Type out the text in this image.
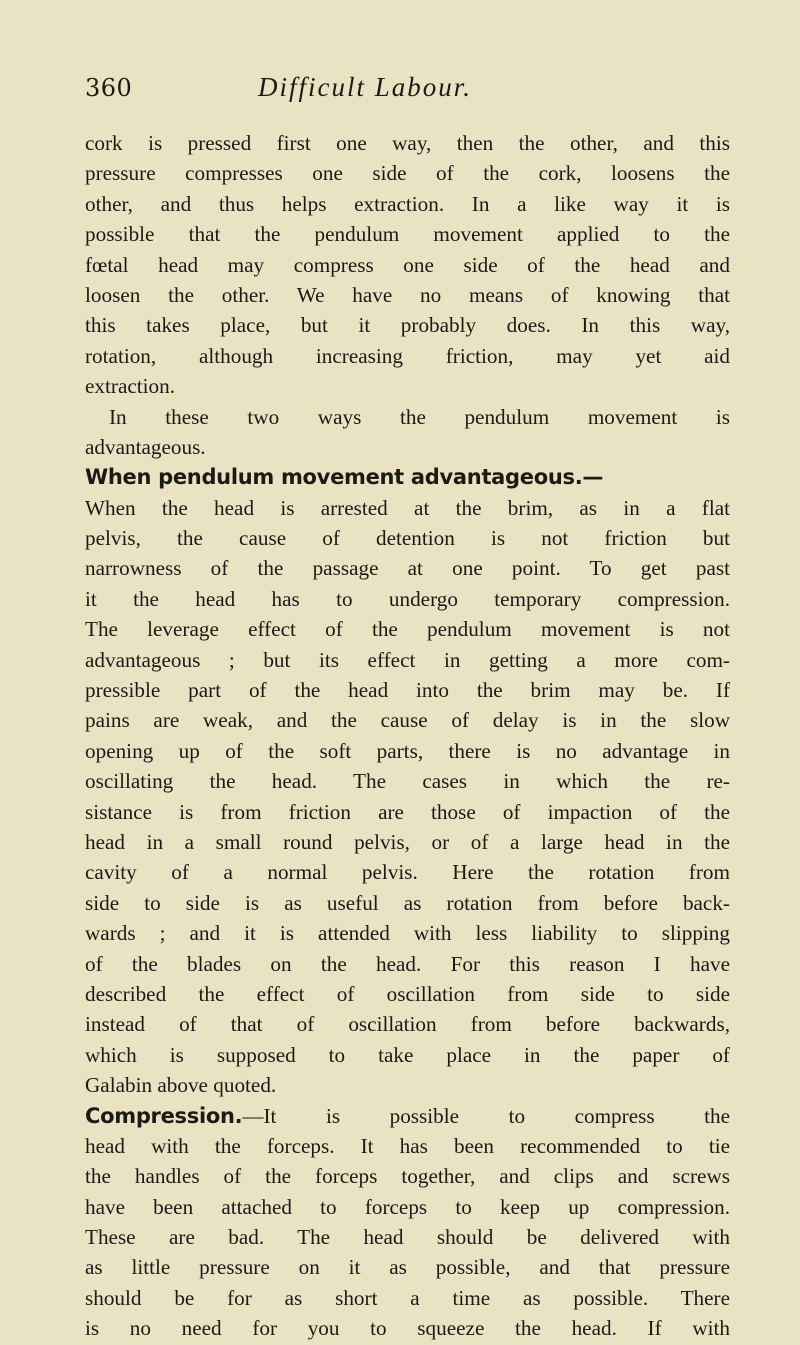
360	Difficult Labour.
cork is pressed first one way, then the other, and this
pressure compresses one side of the cork, loosens the
other, and thus helps extraction. In a like way it is
possible that the pendulum movement applied to the
fœtal head may compress one side of the head and
loosen the other. We have no means of knowing that
this takes place, but it probably does. In this way,
rotation, although increasing friction, may yet aid
extraction.
In these two ways the pendulum movement is
advantageous.
When pendulum movement advantageous.—
When the head is arrested at the brim, as in a flat
pelvis, the cause of detention is not friction but
narrowness of the passage at one point. To get past
it the head has to undergo temporary compression.
The leverage effect of the pendulum movement is not
advantageous ; but its effect in getting a more com-
pressible part of the head into the brim may be. If
pains are weak, and the cause of delay is in the slow
opening up of the soft parts, there is no advantage in
oscillating the head. The cases in which the re-
sistance is from friction are those of impaction of the
head in a small round pelvis, or of a large head in the
cavity of a normal pelvis. Here the rotation from
side to side is as useful as rotation from before back-
wards ; and it is attended with less liability to slipping
of the blades on the head. For this reason I have
described the effect of oscillation from side to side
instead of that of oscillation from before backwards,
which is supposed to take place in the paper of
Galabin above quoted.
Compression.—It is possible to compress the
head with the forceps. It has been recommended to tie
the handles of the forceps together, and clips and screws
have been attached to forceps to keep up compression.
These are bad. The head should be delivered with
as little pressure on it as possible, and that pressure
should be for as short a time as possible. There
is no need for you to squeeze the head. If with
